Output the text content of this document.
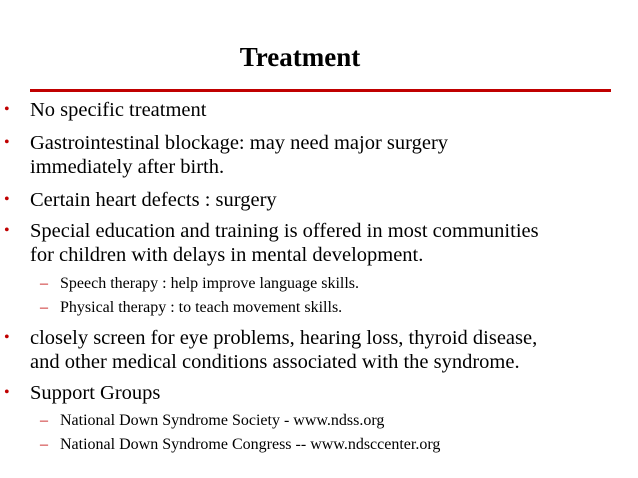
Treatment
• No specific treatment
• Gastrointestinal blockage: may need major surgery
immediately after birth.
• Certain heart defects : surgery
• Special education and training is offered in most communities
for children with delays in mental development.
– Speech therapy : help improve language skills.
– Physical therapy : to teach movement skills.
• closely screen for eye problems, hearing loss, thyroid disease,
and other medical conditions associated with the syndrome.
• Support Groups
– National Down Syndrome Society - www.ndss.org
– National Down Syndrome Congress -- www.ndsccenter.org
